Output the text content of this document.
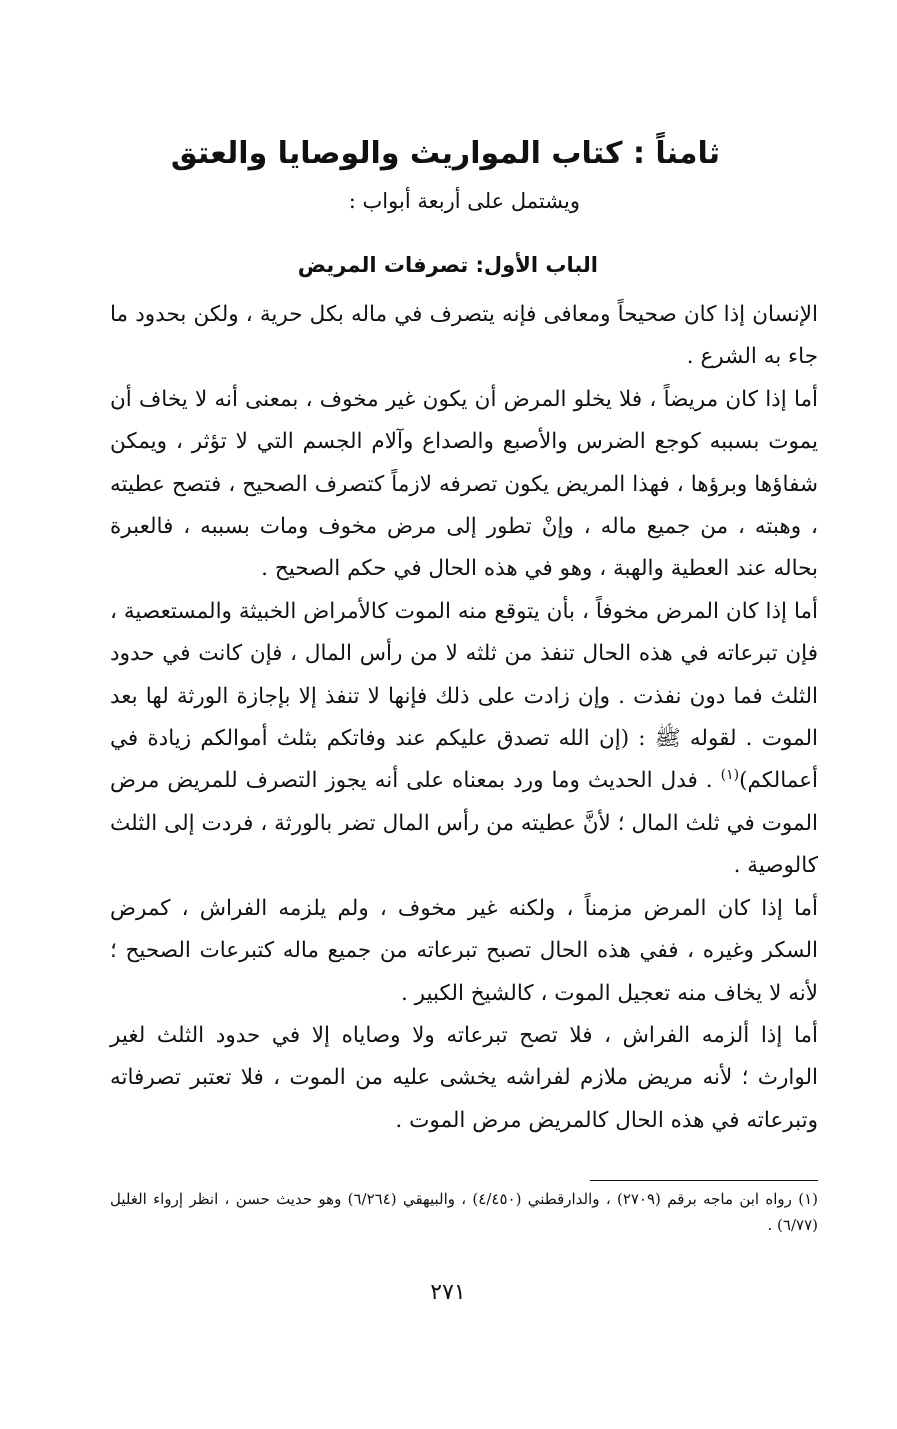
ثامناً : كتاب المواريث والوصايا والعتق
ويشتمل على أربعة أبواب :
الباب الأول: تصرفات المريض

الإنسان إذا كان صحيحاً ومعافى فإنه يتصرف في ماله بكل حرية ، ولكن بحدود ما جاء به الشرع .

أما إذا كان مريضاً ، فلا يخلو المرض أن يكون غير مخوف ، بمعنى أنه لا يخاف أن يموت بسببه كوجع الضرس والأصبع والصداع وآلام الجسم التي لا تؤثر ، ويمكن شفاؤها وبرؤها ، فهذا المريض يكون تصرفه لازماً كتصرف الصحيح ، فتصح عطيته ، وهبته ، من جميع ماله ، وإنْ تطور إلى مرض مخوف ومات بسببه ، فالعبرة بحاله عند العطية والهبة ، وهو في هذه الحال في حكم الصحيح .

أما إذا كان المرض مخوفاً ، بأن يتوقع منه الموت كالأمراض الخبيثة والمستعصية ، فإن تبرعاته في هذه الحال تنفذ من ثلثه لا من رأس المال ، فإن كانت في حدود الثلث فما دون نفذت . وإن زادت على ذلك فإنها لا تنفذ إلا بإجازة الورثة لها بعد الموت . لقوله ﷺ : (إن الله تصدق عليكم عند وفاتكم بثلث أموالكم زيادة في أعمالكم)$^{(١)}$ . فدل الحديث وما ورد بمعناه على أنه يجوز التصرف للمريض مرض الموت في ثلث المال ؛ لأنَّ عطيته من رأس المال تضر بالورثة ، فردت إلى الثلث كالوصية .

أما إذا كان المرض مزمناً ، ولكنه غير مخوف ، ولم يلزمه الفراش ، كمرض السكر وغيره ، ففي هذه الحال تصبح تبرعاته من جميع ماله كتبرعات الصحيح ؛ لأنه لا يخاف منه تعجيل الموت ، كالشيخ الكبير .

أما إذا ألزمه الفراش ، فلا تصح تبرعاته ولا وصاياه إلا في حدود الثلث لغير الوارث ؛ لأنه مريض ملازم لفراشه يخشى عليه من الموت ، فلا تعتبر تصرفاته وتبرعاته في هذه الحال كالمريض مرض الموت .

(١) رواه ابن ماجه برقم (٢٧٠٩) ، والدارقطني (٤/٤٥٠) ، والبيهقي (٦/٢٦٤) وهو حديث حسن ، انظر إرواء الغليل (٦/٧٧) .
٢٧١
